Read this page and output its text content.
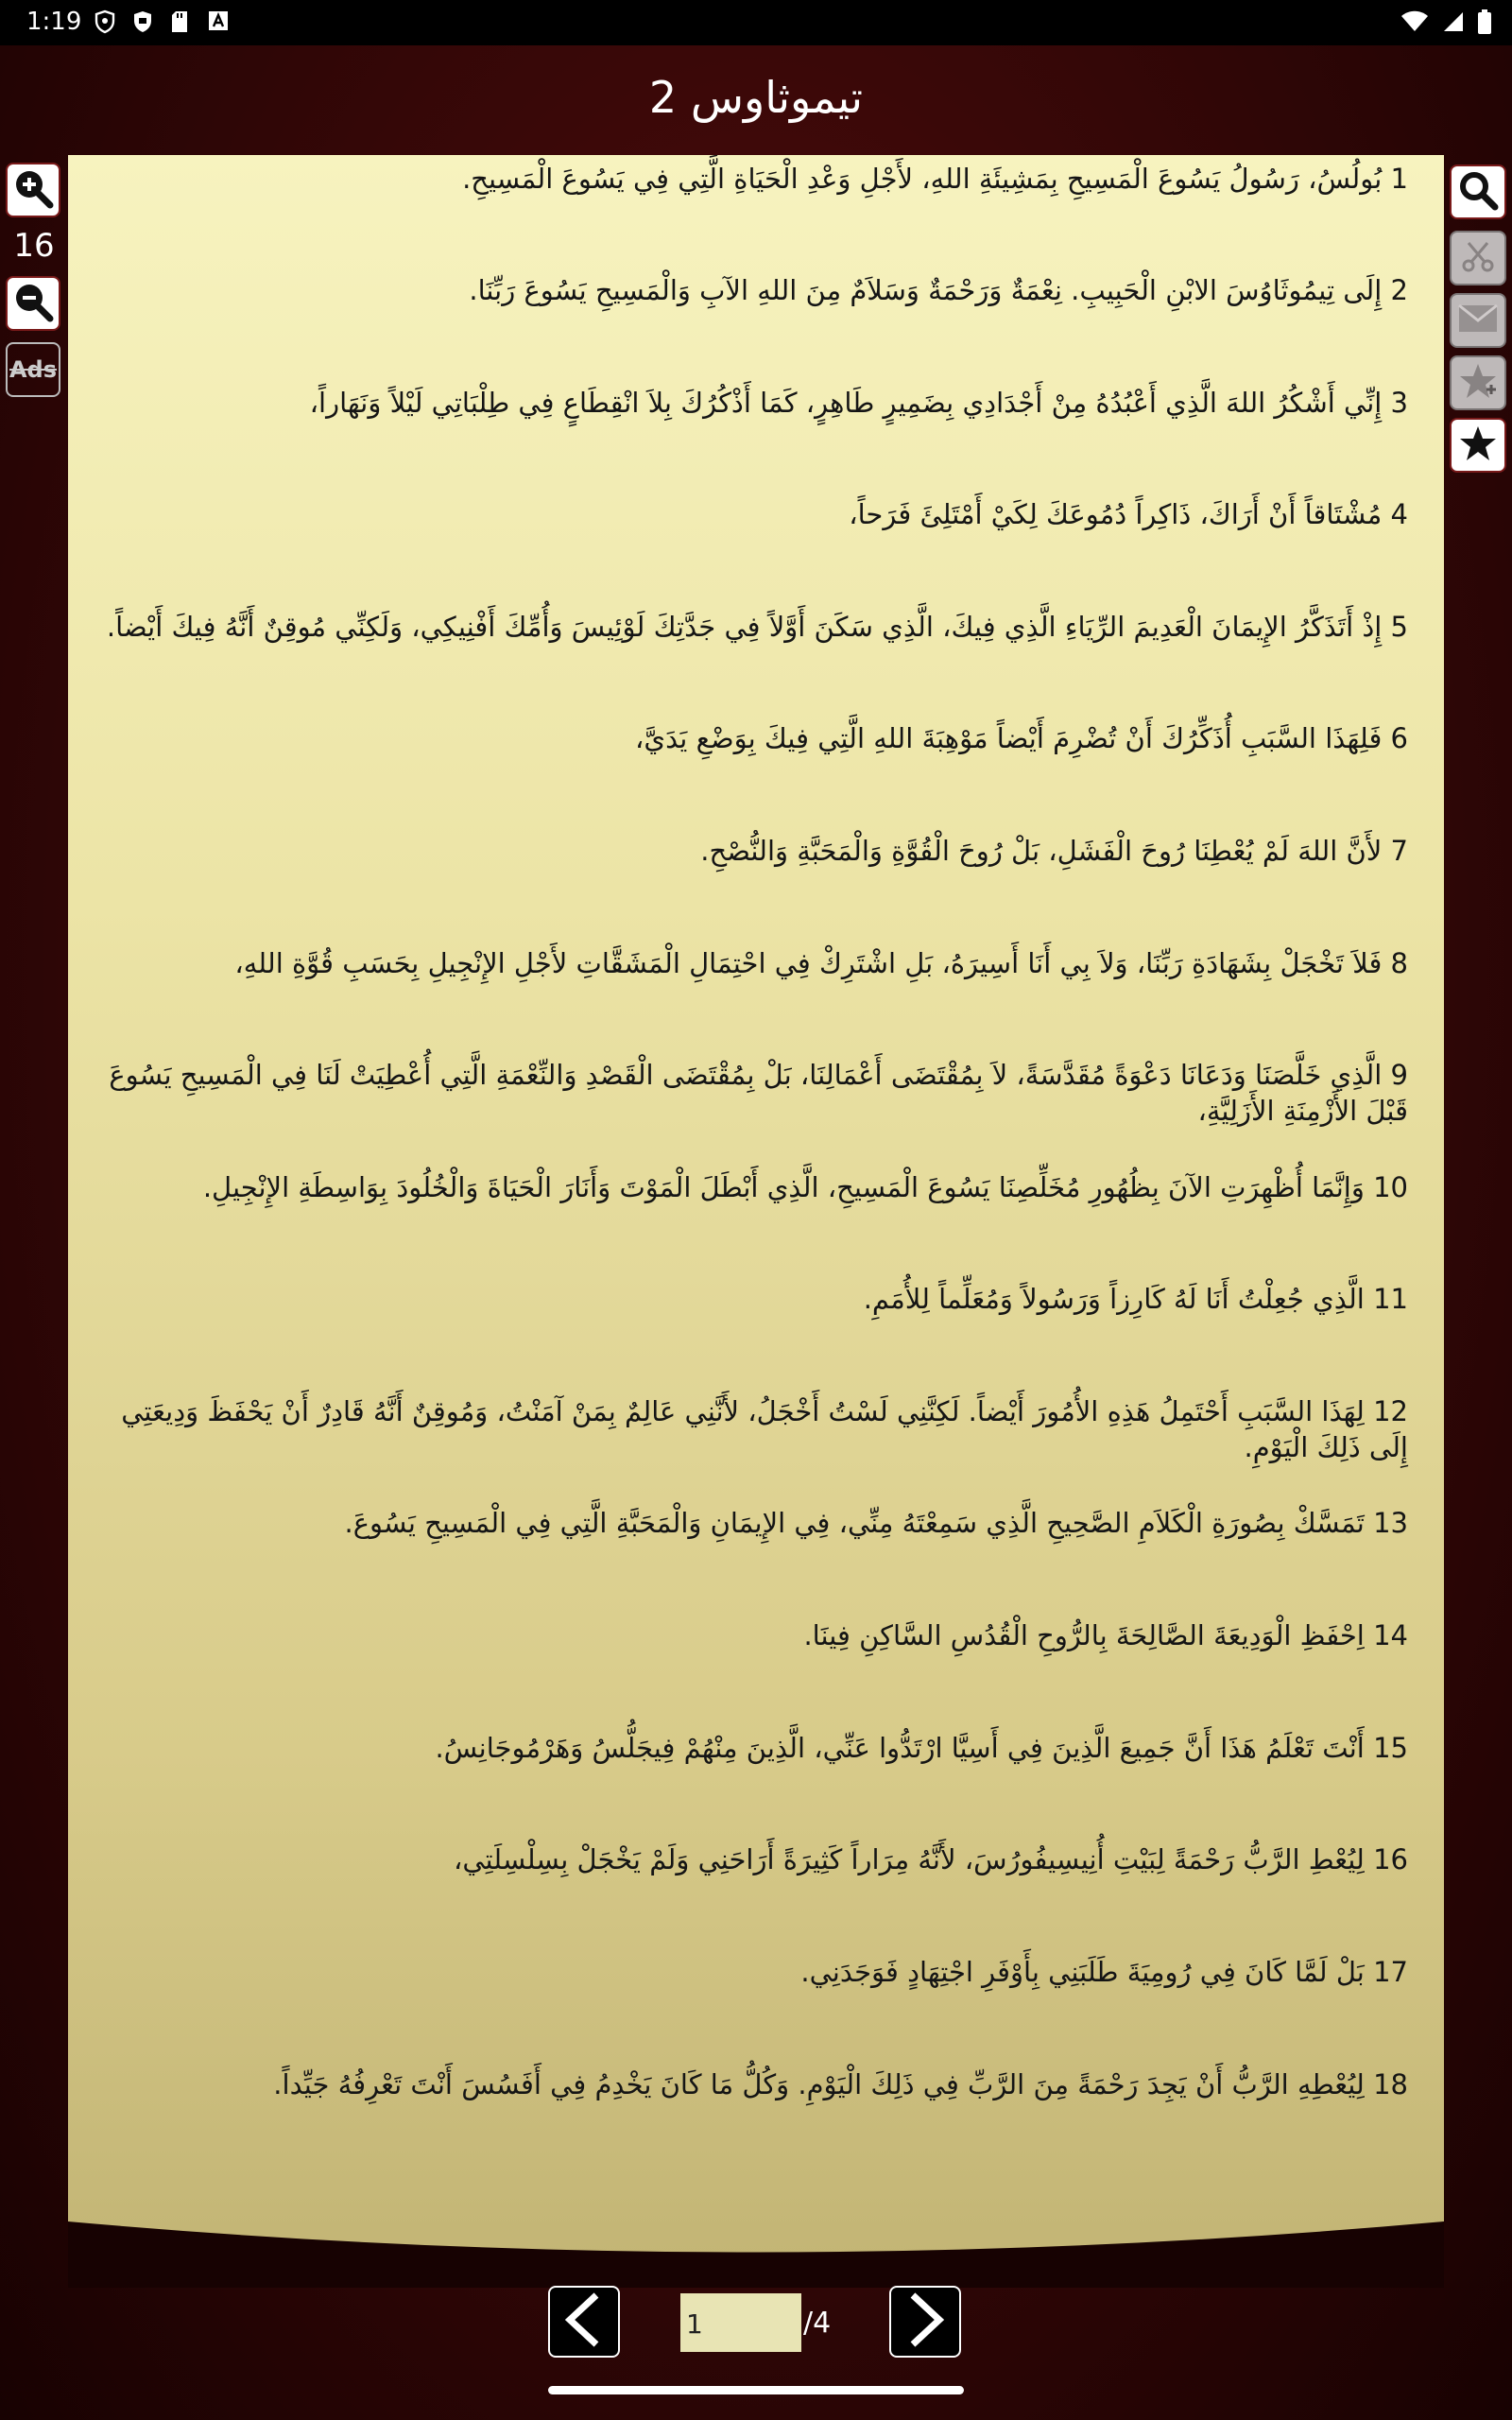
1:19
تيموثاوس 2
16
Ads
1 بُولُسُ، رَسُولُ يَسُوعَ الْمَسِيحِ بِمَشِيئَةِ اللهِ، لأَجْلِ وَعْدِ الْحَيَاةِ الَّتِي فِي يَسُوعَ الْمَسِيحِ.
2 إِلَى تِيمُوثَاوُسَ الابْنِ الْحَبِيبِ. نِعْمَةٌ وَرَحْمَةٌ وَسَلاَمٌ مِنَ اللهِ الآبِ وَالْمَسِيحِ يَسُوعَ رَبِّنَا.
3 إِنِّي أَشْكُرُ اللهَ الَّذِي أَعْبُدُهُ مِنْ أَجْدَادِي بِضَمِيرٍ طَاهِرٍ، كَمَا أَذْكُرُكَ بِلاَ انْقِطَاعٍ فِي طِلْبَاتِي لَيْلاً وَنَهَاراً،
4 مُشْتَاقاً أَنْ أَرَاكَ، ذَاكِراً دُمُوعَكَ لِكَيْ أَمْتَلِئَ فَرَحاً،
5 إِذْ أَتَذَكَّرُ الإِيمَانَ الْعَدِيمَ الرِّيَاءِ الَّذِي فِيكَ، الَّذِي سَكَنَ أَوَّلاً فِي جَدَّتِكَ لَوْئِيسَ وَأُمِّكَ أَفْنِيكِي، وَلَكِنِّي مُوقِنٌ أَنَّهُ فِيكَ أَيْضاً.
6 فَلِهَذَا السَّبَبِ أُذَكِّرُكَ أَنْ تُضْرِمَ أَيْضاً مَوْهِبَةَ اللهِ الَّتِي فِيكَ بِوَضْعِ يَدَيَّ،
7 لأَنَّ اللهَ لَمْ يُعْطِنَا رُوحَ الْفَشَلِ، بَلْ رُوحَ الْقُوَّةِ وَالْمَحَبَّةِ وَالنُّصْحِ.
8 فَلاَ تَخْجَلْ بِشَهَادَةِ رَبِّنَا، وَلاَ بِي أَنَا أَسِيرَهُ، بَلِ اشْتَرِكْ فِي احْتِمَالِ الْمَشَقَّاتِ لأَجْلِ الإِنْجِيلِ بِحَسَبِ قُوَّةِ اللهِ،
9 الَّذِي خَلَّصَنَا وَدَعَانَا دَعْوَةً مُقَدَّسَةً، لاَ بِمُقْتَضَى أَعْمَالِنَا، بَلْ بِمُقْتَضَى الْقَصْدِ وَالنِّعْمَةِ الَّتِي أُعْطِيَتْ لَنَا فِي الْمَسِيحِ يَسُوعَ قَبْلَ الأَزْمِنَةِ الأَزَلِيَّةِ،
10 وَإِنَّمَا أُظْهِرَتِ الآنَ بِظُهُورِ مُخَلِّصِنَا يَسُوعَ الْمَسِيحِ، الَّذِي أَبْطَلَ الْمَوْتَ وَأَنَارَ الْحَيَاةَ وَالْخُلُودَ بِوَاسِطَةِ الإِنْجِيلِ.
11 الَّذِي جُعِلْتُ أَنَا لَهُ كَارِزاً وَرَسُولاً وَمُعَلِّماً لِلأُمَمِ.
12 لِهَذَا السَّبَبِ أَحْتَمِلُ هَذِهِ الأُمُورَ أَيْضاً. لَكِنَّنِي لَسْتُ أَخْجَلُ، لأَنَّنِي عَالِمٌ بِمَنْ آمَنْتُ، وَمُوقِنٌ أَنَّهُ قَادِرٌ أَنْ يَحْفَظَ وَدِيعَتِي إِلَى ذَلِكَ الْيَوْمِ.
13 تَمَسَّكْ بِصُورَةِ الْكَلاَمِ الصَّحِيحِ الَّذِي سَمِعْتَهُ مِنِّي، فِي الإِيمَانِ وَالْمَحَبَّةِ الَّتِي فِي الْمَسِيحِ يَسُوعَ.
14 اِحْفَظِ الْوَدِيعَةَ الصَّالِحَةَ بِالرُّوحِ الْقُدُسِ السَّاكِنِ فِينَا.
15 أَنْتَ تَعْلَمُ هَذَا أَنَّ جَمِيعَ الَّذِينَ فِي أَسِيَّا ارْتَدُّوا عَنِّي، الَّذِينَ مِنْهُمْ فِيجَلُّسُ وَهَرْمُوجَانِسُ.
16 لِيُعْطِ الرَّبُّ رَحْمَةً لِبَيْتِ أُنِيسِيفُورُسَ، لأَنَّهُ مِرَاراً كَثِيرَةً أَرَاحَنِي وَلَمْ يَخْجَلْ بِسِلْسِلَتِي،
17 بَلْ لَمَّا كَانَ فِي رُومِيَةَ طَلَبَنِي بِأَوْفَرِ اجْتِهَادٍ فَوَجَدَنِي.
18 لِيُعْطِهِ الرَّبُّ أَنْ يَجِدَ رَحْمَةً مِنَ الرَّبِّ فِي ذَلِكَ الْيَوْمِ. وَكُلُّ مَا كَانَ يَخْدِمُ فِي أَفَسُسَ أَنْتَ تَعْرِفُهُ جَيِّداً.
1	/4
